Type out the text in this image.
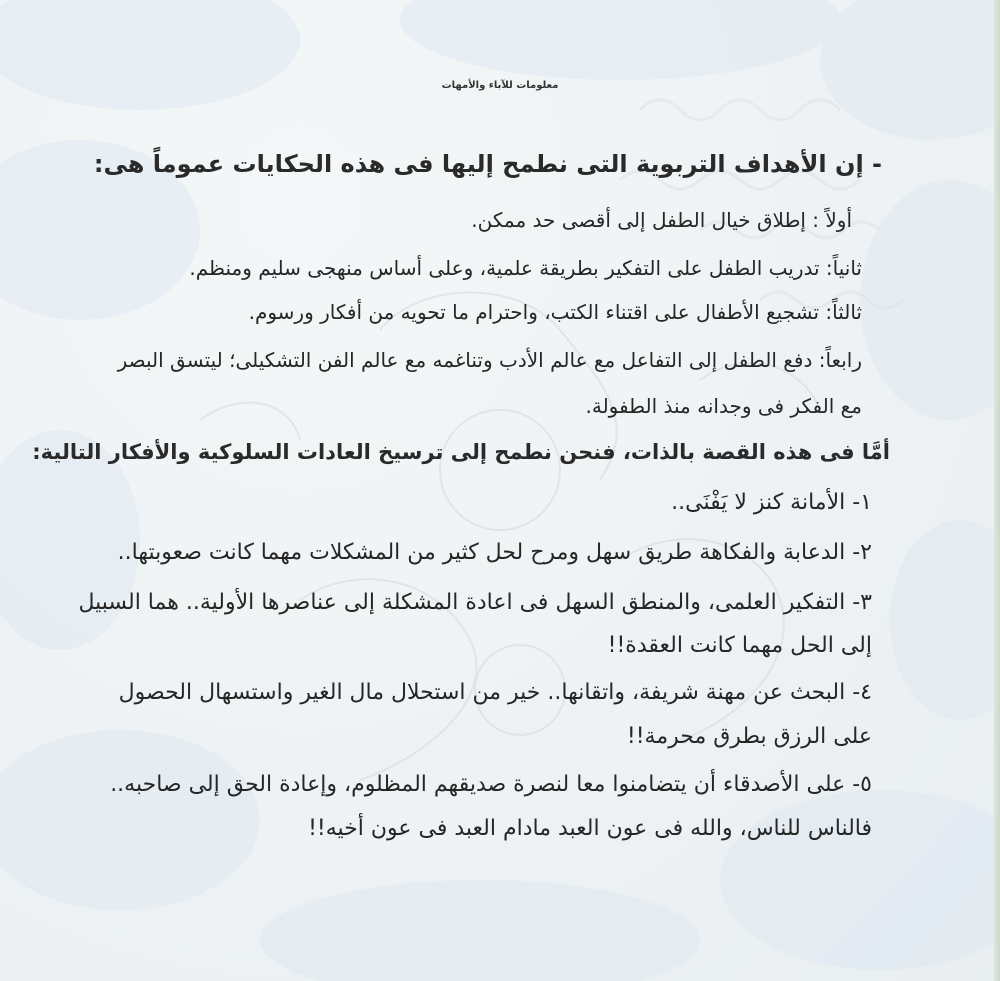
معلومات للآباء والأمهات
- إن الأهداف التربوية التى نطمح إليها فى هذه الحكايات عموماً هى:
أولاً : إطلاق خيال الطفل إلى أقصى حد ممكن.
ثانياً: تدريب الطفل على التفكير بطريقة علمية، وعلى أساس منهجى سليم ومنظم.
ثالثاً: تشجيع الأطفال على اقتناء الكتب، واحترام ما تحويه من أفكار ورسوم.
رابعاً: دفع الطفل إلى التفاعل مع عالم الأدب وتناغمه مع عالم الفن التشكيلى؛ ليتسق البصر
مع الفكر فى وجدانه منذ الطفولة.
أمَّا فى هذه القصة بالذات، فنحن نطمح إلى ترسيخ العادات السلوكية والأفكار التالية:
١- الأمانة كنز لا يَفْنَى..
٢- الدعابة والفكاهة طريق سهل ومرح لحل كثير من المشكلات مهما كانت صعوبتها..
٣- التفكير العلمى، والمنطق السهل فى اعادة المشكلة إلى عناصرها الأولية.. هما السبيل
إلى الحل مهما كانت العقدة!!
٤- البحث عن مهنة شريفة، واتقانها.. خير من استحلال مال الغير واستسهال الحصول
على الرزق بطرق محرمة!!
٥- على الأصدقاء أن يتضامنوا معا لنصرة صديقهم المظلوم، وإعادة الحق إلى صاحبه..
فالناس للناس، والله فى عون العبد مادام العبد فى عون أخيه!!
